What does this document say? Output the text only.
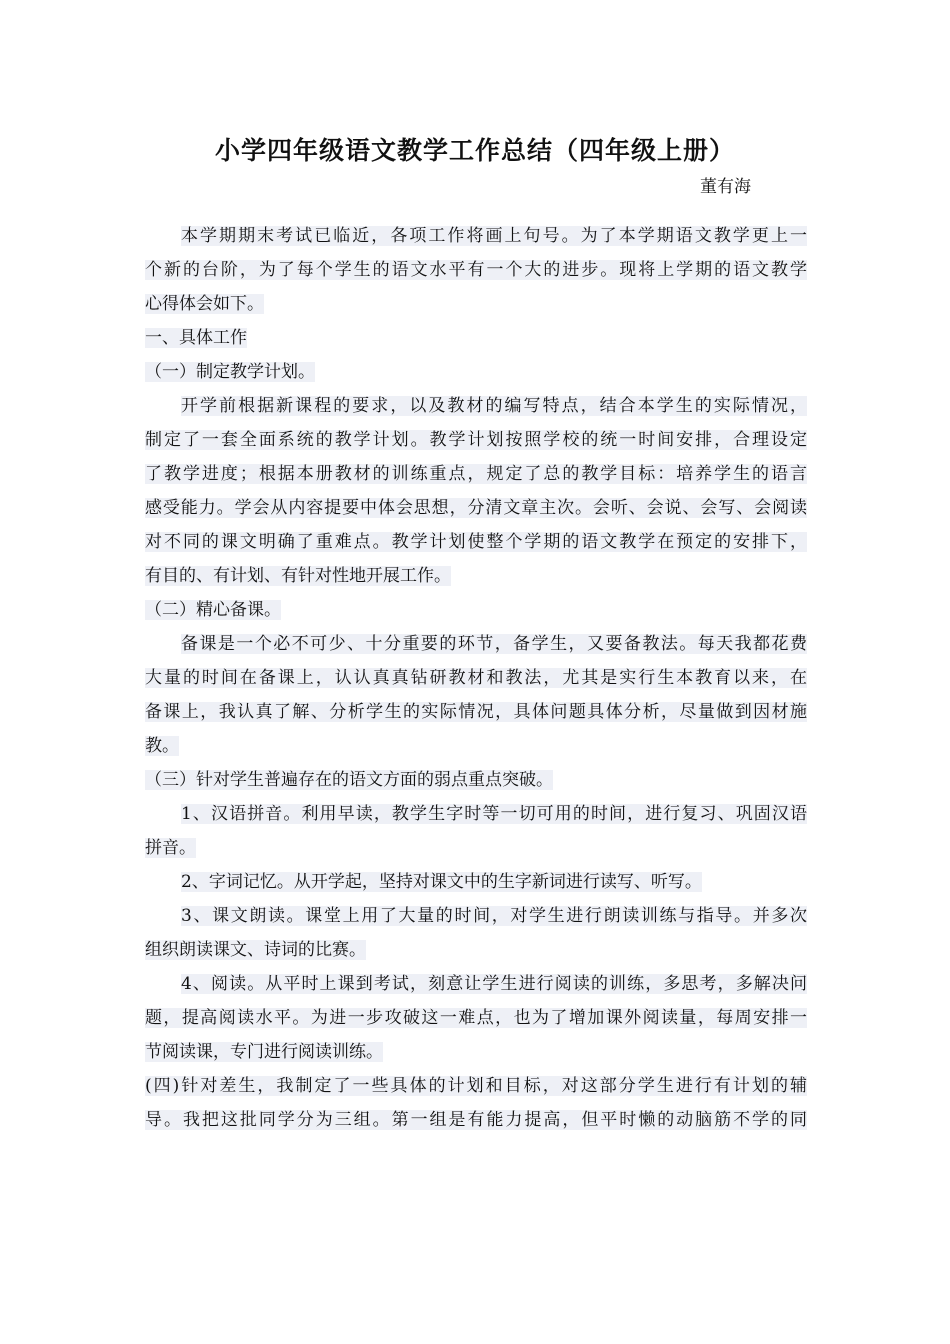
小学四年级语文教学工作总结（四年级上册）
董有海
本学期期末考试已临近，各项工作将画上句号。为了本学期语文教学更上一
个新的台阶，为了每个学生的语文水平有一个大的进步。现将上学期的语文教学
心得体会如下。
一、具体工作
（一）制定教学计划。
开学前根据新课程的要求，以及教材的编写特点，结合本学生的实际情况，
制定了一套全面系统的教学计划。教学计划按照学校的统一时间安排，合理设定
了教学进度；根据本册教材的训练重点，规定了总的教学目标：培养学生的语言
感受能力。学会从内容提要中体会思想，分清文章主次。会听、会说、会写、会阅读
对不同的课文明确了重难点。教学计划使整个学期的语文教学在预定的安排下，
有目的、有计划、有针对性地开展工作。
（二）精心备课。
备课是一个必不可少、十分重要的环节，备学生，又要备教法。每天我都花费
大量的时间在备课上，认认真真钻研教材和教法，尤其是实行生本教育以来，在
备课上，我认真了解、分析学生的实际情况，具体问题具体分析，尽量做到因材施
教。
（三）针对学生普遍存在的语文方面的弱点重点突破。
1、汉语拼音。利用早读，教学生字时等一切可用的时间，进行复习、巩固汉语
拼音。
2、字词记忆。从开学起，坚持对课文中的生字新词进行读写、听写。
3、课文朗读。课堂上用了大量的时间，对学生进行朗读训练与指导。并多次
组织朗读课文、诗词的比赛。
4、阅读。从平时上课到考试，刻意让学生进行阅读的训练，多思考，多解决问
题，提高阅读水平。为进一步攻破这一难点，也为了增加课外阅读量，每周安排一
节阅读课，专门进行阅读训练。
(四)针对差生，我制定了一些具体的计划和目标，对这部分学生进行有计划的辅
导。我把这批同学分为三组。第一组是有能力提高，但平时懒的动脑筋不学的同
